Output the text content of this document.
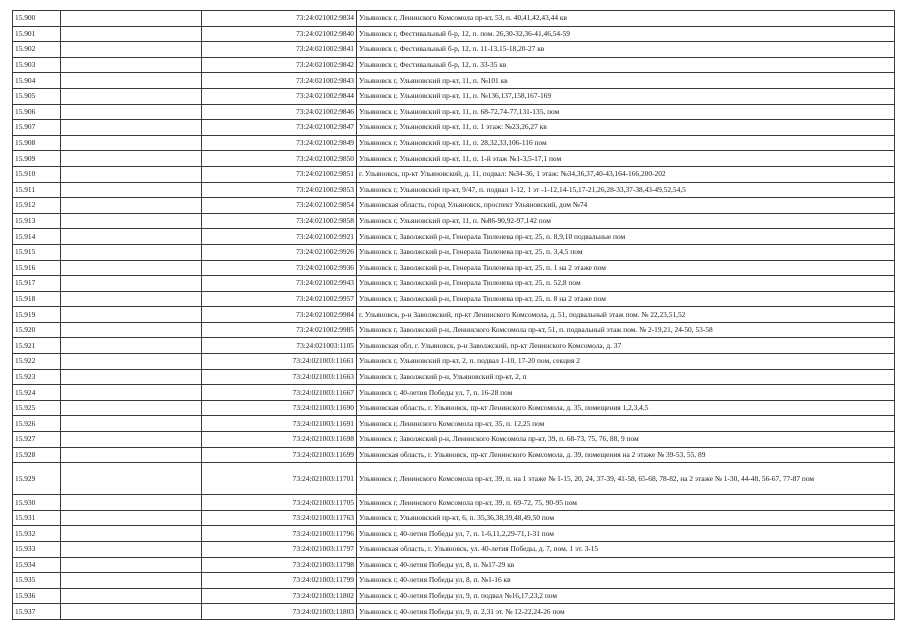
15.900		73:24:021002:9834	Ульяновск г, Ленинского Комсомола пр-кт, 53, п. 40,41,42,43,44 кв
15.901		73:24:021002:9840	Ульяновск г, Фестивальный б-р, 12, п. пом. 26,30-32,36-41,46,54-59
15.902		73:24:021002:9841	Ульяновск г, Фестивальный б-р, 12, п. 11-13,15-18,20-27 кв
15.903		73:24:021002:9842	Ульяновск г, Фестивальный б-р, 12, п. 33-35 кв
15.904		73:24:021002:9843	Ульяновск г, Ульяновский пр-кт, 11, п. №101 кв
15.905		73:24:021002:9844	Ульяновск г, Ульяновский пр-кт, 11, п. №136,137,158,167-169
15.906		73:24:021002:9846	Ульяновск г, Ульяновский пр-кт, 11, п. 68-72,74-77,131-135, пом
15.907		73:24:021002:9847	Ульяновск г, Ульяновский пр-кт, 11, п. 1 этаж: №23,26,27 кв
15.908		73:24:021002:9849	Ульяновск г, Ульяновский пр-кт, 11, п. 28,32,33,106-116 пом
15.909		73:24:021002:9850	Ульяновск г, Ульяновский пр-кт, 11, п. 1-й этаж №1-3,5-17,1 пом
15.910		73:24:021002:9851	г. Ульяновск, пр-кт Ульяновский, д. 11, подвал: №34-36, 1 этаж: №34,36,37,40-43,164-166,200-202
15.911		73:24:021002:9853	Ульяновск г, Ульяновский пр-кт, 9/47, п. подвал 1-12, 1 эт -1-12,14-15,17-21,26,28-33,37-38,43-49,52,54,5
15.912		73:24:021002:9854	Ульяновская область, город Ульяновск, проспект Ульяновский, дом №74
15.913		73:24:021002:9858	Ульяновск г, Ульяновский пр-кт, 11, п. №86-90,92-97,142 пом
15.914		73:24:021002:9921	Ульяновск г, Заволжский р-н, Генерала Тюленева пр-кт, 25, п. 8,9,10 подвальные пом
15.915		73:24:021002:9926	Ульяновск г, Заволжский р-н, Генерала Тюленева пр-кт, 25, п. 3,4,5 пом
15.916		73:24:021002:9936	Ульяновск г, Заволжский р-н, Генерала Тюленева пр-кт, 25, п. 1 на 2 этаже пом
15.917		73:24:021002:9943	Ульяновск г, Заволжский р-н, Генерала Тюленева пр-кт, 25, п. 52,8 пом
15.918		73:24:021002:9957	Ульяновск г, Заволжский р-н, Генерала Тюленева пр-кт, 25, п. 8 на 2 этаже пом
15.919		73:24:021002:9984	г. Ульяновск, р-н Заволжский, пр-кт Ленинского Комсомола, д. 51, подвальный этаж пом. № 22,23,51,52
15.920		73:24:021002:9985	Ульяновск г, Заволжский р-н, Ленинского Комсомола пр-кт, 51, п. подвальный этаж пом. № 2-19,21, 24-50, 53-58
15.921		73:24:021003:1105	Ульяновская обл, г. Ульяновск, р-н Заволжский, пр-кт Ленинского Комсомола, д. 37
15.922		73:24:021003:11661	Ульяновск г, Ульяновский пр-кт, 2, п. подвал 1-10, 17-20 пом, секция 2
15.923		73:24:021003:11663	Ульяновск г, Заволжский р-н, Ульяновский пр-кт, 2, п
15.924		73:24:021003:11667	Ульяновск г, 40-летия Победы ул, 7, п. 16-28 пом
15.925		73:24:021003:11690	Ульяновская область, г. Ульяновск, пр-кт Ленинского Комсомола, д. 35, помещения 1,2,3,4,5
15.926		73:24:021003:11691	Ульяновск г, Ленинского Комсомола пр-кт, 35, п. 12,25 пом
15.927		73:24:021003:11698	Ульяновск г, Заволжский р-н, Ленинского Комсомола пр-кт, 39, п. 68-73, 75, 76, 88, 9 пом
15.928		73:24:021003:11699	Ульяновская область, г. Ульяновск, пр-кт Ленинского Комсомола, д. 39, помещения на 2 этаже № 39-53, 55, 89
15.929		73:24:021003:11701	Ульяновск г, Ленинского Комсомола пр-кт, 39, п. на 1 этаже № 1-15, 20, 24, 37-39, 41-58, 65-68, 78-82, на 2 этаже № 1-30, 44-48, 56-67, 77-87 пом
15.930		73:24:021003:11705	Ульяновск г, Ленинского Комсомола пр-кт, 39, п. 69-72, 75, 90-95 пом
15.931		73:24:021003:11763	Ульяновск г, Ульяновский пр-кт, 6, п. 35,36,38,39,48,49,50 пом
15.932		73:24:021003:11796	Ульяновск г, 40-летия Победы ул, 7, п. 1-6,11,2,29-71,1-31 пом
15.933		73:24:021003:11797	Ульяновская область, г. Ульяновск, ул. 40-летия Победы, д. 7, пом. 1 эт. 3-15
15.934		73:24:021003:11798	Ульяновск г, 40-летия Победы ул, 8, п. №17-29 кв
15.935		73:24:021003:11799	Ульяновск г, 40-летия Победы ул, 8, п. №1-16 кв
15.936		73:24:021003:11802	Ульяновск г, 40-летия Победы ул, 9, п. подвал №16,17,23,2 пом
15.937		73:24:021003:11803	Ульяновск г, 40-летия Победы ул, 9, п. 2,31 эт. № 12-22,24-26 пом
